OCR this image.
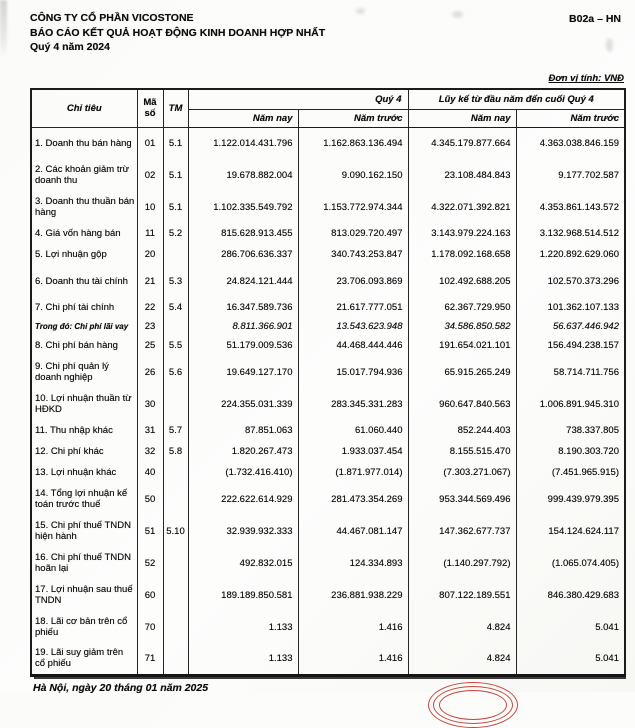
CÔNG TY CỔ PHẦN VICOSTONE
BÁO CÁO KẾT QUẢ HOẠT ĐỘNG KINH DOANH HỢP NHẤT
Quý 4 năm 2024
B02a – HN
Đơn vị tính: VNĐ
Chỉ tiêu	Mã số	TM	Quý 4		Lũy kế từ đầu năm đến cuối Quý 4	
			Năm nay	Năm trước	Năm nay	Năm trước
1. Doanh thu bán hàng	01	5.1	1.122.014.431.796	1.162.863.136.494	4.345.179.877.664	4.363.038.846.159
2. Các khoản giảm trừ doanh thu	02	5.1	19.678.882.004	9.090.162.150	23.108.484.843	9.177.702.587
3. Doanh thu thuần bán hàng	10	5.1	1.102.335.549.792	1.153.772.974.344	4.322.071.392.821	4.353.861.143.572
4. Giá vốn hàng bán	11	5.2	815.628.913.455	813.029.720.497	3.143.979.224.163	3.132.968.514.512
5. Lợi nhuận gộp	20		286.706.636.337	340.743.253.847	1.178.092.168.658	1.220.892.629.060
6. Doanh thu tài chính	21	5.3	24.824.121.444	23.706.093.869	102.492.688.205	102.570.373.296
7. Chi phí tài chính	22	5.4	16.347.589.736	21.617.777.051	62.367.729.950	101.362.107.133
Trong đó: Chi phí lãi vay	23		8.811.366.901	13.543.623.948	34.586.850.582	56.637.446.942
8. Chi phí bán hàng	25	5.5	51.179.009.536	44.468.444.446	191.654.021.101	156.494.238.157
9. Chi phí quản lý doanh nghiệp	26	5.6	19.649.127.170	15.017.794.936	65.915.265.249	58.714.711.756
10. Lợi nhuận thuần từ HĐKD	30		224.355.031.339	283.345.331.283	960.647.840.563	1.006.891.945.310
11. Thu nhập khác	31	5.7	87.851.063	61.060.440	852.244.403	738.337.805
12. Chi phí khác	32	5.8	1.820.267.473	1.933.037.454	8.155.515.470	8.190.303.720
13. Lợi nhuận khác	40		(1.732.416.410)	(1.871.977.014)	(7.303.271.067)	(7.451.965.915)
14. Tổng lợi nhuận kế toán trước thuế	50		222.622.614.929	281.473.354.269	953.344.569.496	999.439.979.395
15. Chi phí thuế TNDN hiện hành	51	5.10	32.939.932.333	44.467.081.147	147.362.677.737	154.124.624.117
16. Chi phí thuế TNDN hoãn lại	52		492.832.015	124.334.893	(1.140.297.792)	(1.065.074.405)
17. Lợi nhuận sau thuế TNDN	60		189.189.850.581	236.881.938.229	807.122.189.551	846.380.429.683
18. Lãi cơ bản trên cổ phiếu	70		1.133	1.416	4.824	5.041
19. Lãi suy giảm trên cổ phiếu	71		1.133	1.416	4.824	5.041
Hà Nội, ngày 20 tháng 01 năm 2025
